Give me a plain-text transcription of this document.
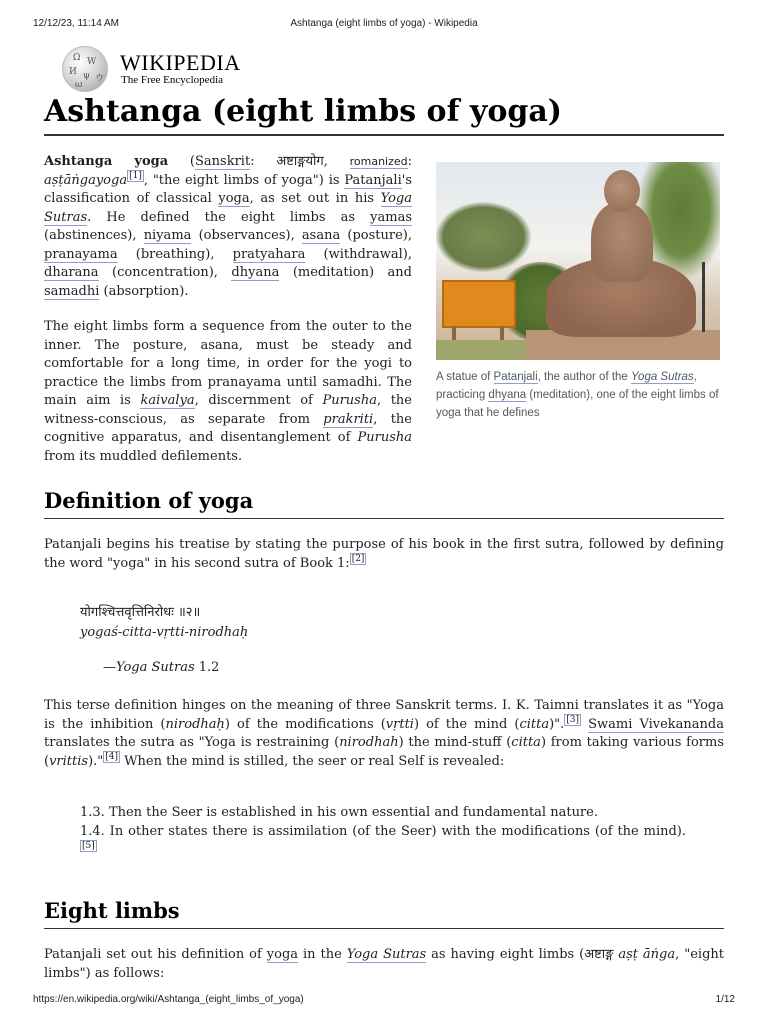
12/12/23, 11:14 AM	Ashtanga (eight limbs of yoga) - Wikipedia
Ω W
И ψ ウ
ω
WIKIPEDIA
The Free Encyclopedia
Ashtanga (eight limbs of yoga)

Ashtanga yoga (Sanskrit: अष्टाङ्गयोग, romanized: aṣṭāṅgayoga [1] , "the eight limbs of yoga") is Patanjali's classification of classical yoga, as set out in his Yoga Sutras. He defined the eight limbs as yamas (abstinences), niyama (observances), asana (posture), pranayama (breathing), pratyahara (withdrawal), dharana (concentration), dhyana (meditation) and samadhi (absorption).

The eight limbs form a sequence from the outer to the inner. The posture, asana, must be steady and comfortable for a long time, in order for the yogi to practice the limbs from pranayama until samadhi. The main aim is kaivalya, discernment of Purusha, the witness-conscious, as separate from prakriti, the cognitive apparatus, and disentanglement of Purusha from its muddled defilements.

A statue of Patanjali, the author of the Yoga Sutras, practicing dhyana (meditation), one of the eight limbs of yoga that he defines

Definition of yoga

Patanjali begins his treatise by stating the purpose of his book in the first sutra, followed by defining the word "yoga" in his second sutra of Book 1: [2]

योगश्चित्तवृत्तिनिरोधः ॥२॥
yogaś-citta-vṛtti-nirodhaḥ
—Yoga Sutras 1.2

This terse definition hinges on the meaning of three Sanskrit terms. I. K. Taimni translates it as "Yoga is the inhibition (nirodhaḥ) of the modifications (vṛtti) of the mind (citta)". [3] Swami Vivekananda translates the sutra as "Yoga is restraining (nirodhah) the mind-stuff (citta) from taking various forms (vrittis)." [4] When the mind is stilled, the seer or real Self is revealed:

1.3. Then the Seer is established in his own essential and fundamental nature.
1.4. In other states there is assimilation (of the Seer) with the modifications (of the mind).[5]
Eight limbs

Patanjali set out his definition of yoga in the Yoga Sutras as having eight limbs (अष्टाङ्ग aṣṭ āṅga, "eight limbs") as follows:

https://en.wikipedia.org/wiki/Ashtanga_(eight_limbs_of_yoga)	1/12
